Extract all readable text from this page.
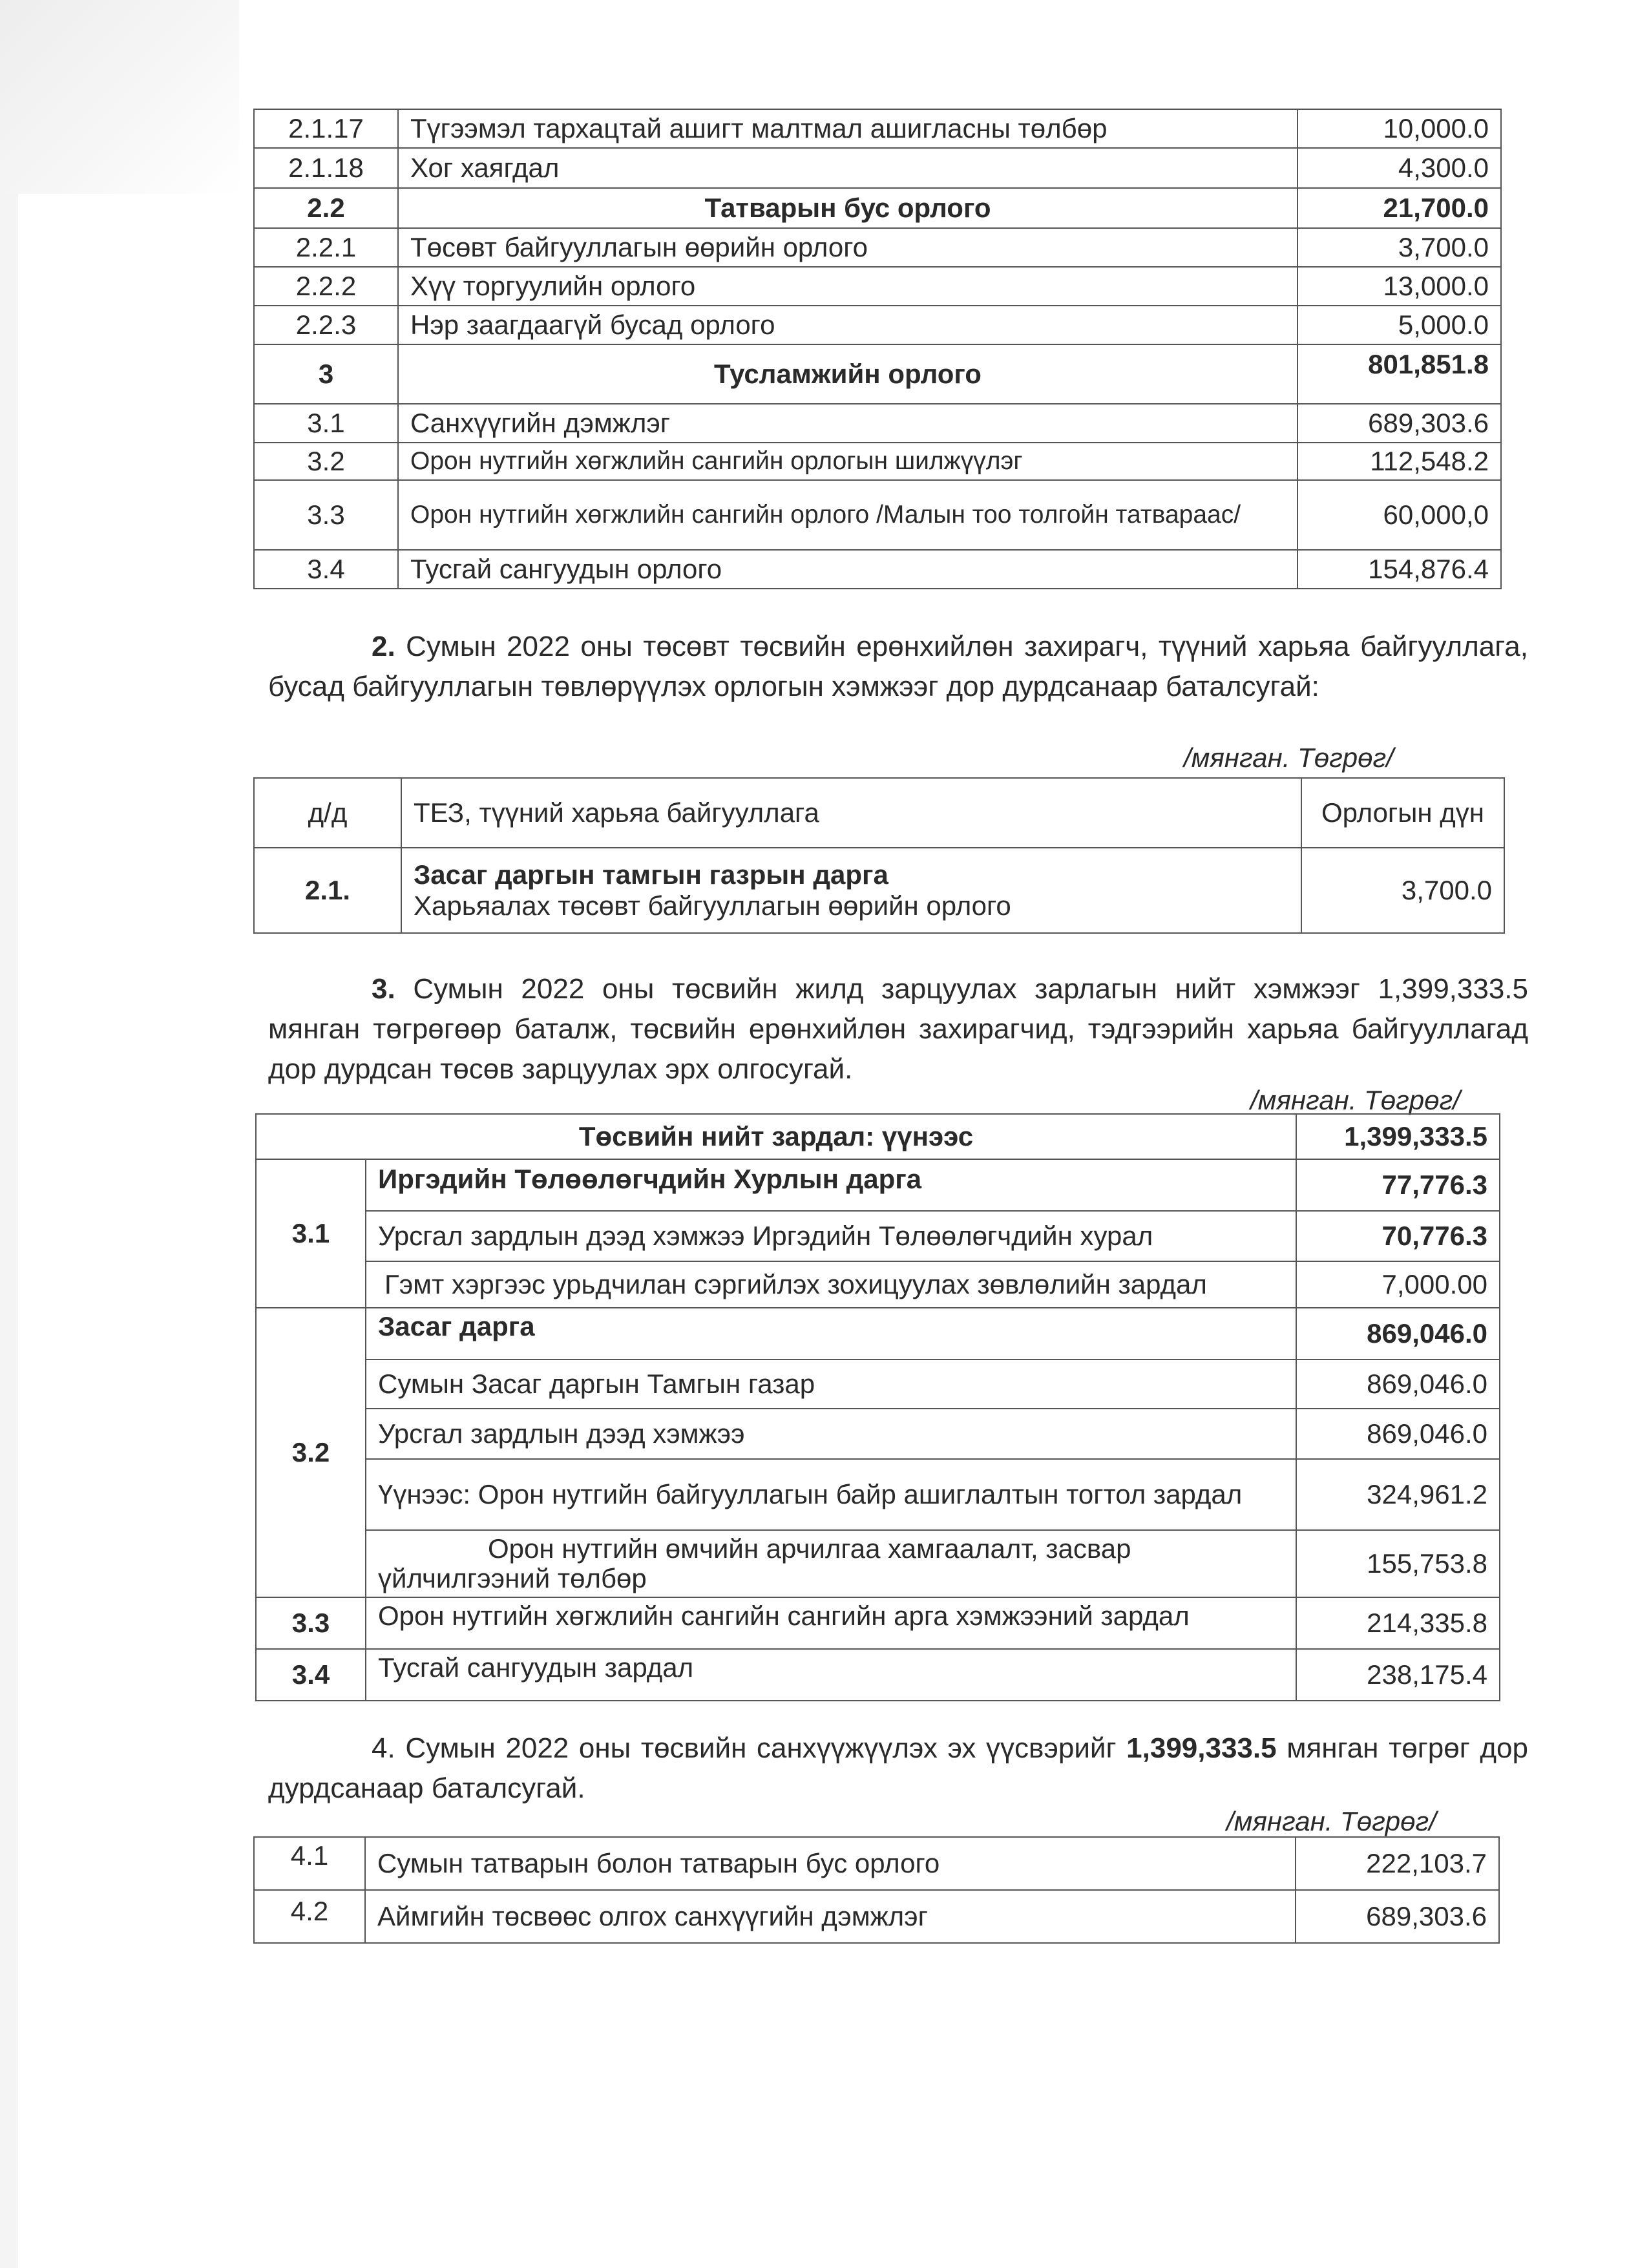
2.1.17	Түгээмэл тархацтай ашигт малтмал ашигласны төлбөр	10,000.0
2.1.18	Хог хаягдал	4,300.0
2.2	Татварын бус орлого	21,700.0
2.2.1	Төсөвт байгууллагын өөрийн орлого	3,700.0
2.2.2	Хүү торгуулийн орлого	13,000.0
2.2.3	Нэр заагдаагүй бусад орлого	5,000.0
3	Тусламжийн орлого	801,851.8
3.1	Санхүүгийн дэмжлэг	689,303.6
3.2	Орон нутгийн хөгжлийн сангийн орлогын шилжүүлэг	112,548.2
3.3	Орон нутгийн хөгжлийн сангийн орлого /Малын тоо толгойн татвараас/	60,000,0
3.4	Тусгай сангуудын орлого	154,876.4

2. Сумын 2022 оны төсөвт төсвийн ерөнхийлөн захирагч, түүний харьяа байгууллага, бусад байгууллагын төвлөрүүлэх орлогын хэмжээг дор дурдсанаар баталсугай:

/мянган. Төгрөг/
д/д	ТЕЗ, түүний харьяа байгууллага	Орлогын дүн
2.1.	Засаг даргын тамгын газрын дарга
Харьяалах төсөвт байгууллагын өөрийн орлого	3,700.0

3. Сумын 2022 оны төсвийн жилд зарцуулах зарлагын нийт хэмжээг 1,399,333.5 мянган төгрөгөөр баталж, төсвийн ерөнхийлөн захирагчид, тэдгээрийн харьяа байгууллагад дор дурдсан төсөв зарцуулах эрх олгосугай.

/мянган. Төгрөг/
Төсвийн нийт зардал: үүнээс		1,399,333.5
3.1	Иргэдийн Төлөөлөгчдийн Хурлын дарга	77,776.3
	Урсгал зардлын дээд хэмжээ Иргэдийн Төлөөлөгчдийн хурал	70,776.3
	Гэмт хэргээс урьдчилан сэргийлэх зохицуулах зөвлөлийн зардал	7,000.00
3.2	Засаг дарга	869,046.0
	Сумын Засаг даргын Тамгын газар	869,046.0
	Урсгал зардлын дээд хэмжээ	869,046.0
	Үүнээс: Орон нутгийн байгууллагын байр ашиглалтын тогтол зардал	324,961.2
	Орон нутгийн өмчийн арчилгаа хамгаалалт, засвар үйлчилгээний төлбөр	155,753.8
3.3	Орон нутгийн хөгжлийн сангийн сангийн арга хэмжээний зардал	214,335.8
3.4	Тусгай сангуудын зардал	238,175.4

4. Сумын 2022 оны төсвийн санхүүжүүлэх эх үүсвэрийг 1,399,333.5 мянган төгрөг дор дурдсанаар баталсугай.

/мянган. Төгрөг/
4.1	Сумын татварын болон татварын бус орлого	222,103.7
4.2	Аймгийн төсвөөс олгох санхүүгийн дэмжлэг	689,303.6
